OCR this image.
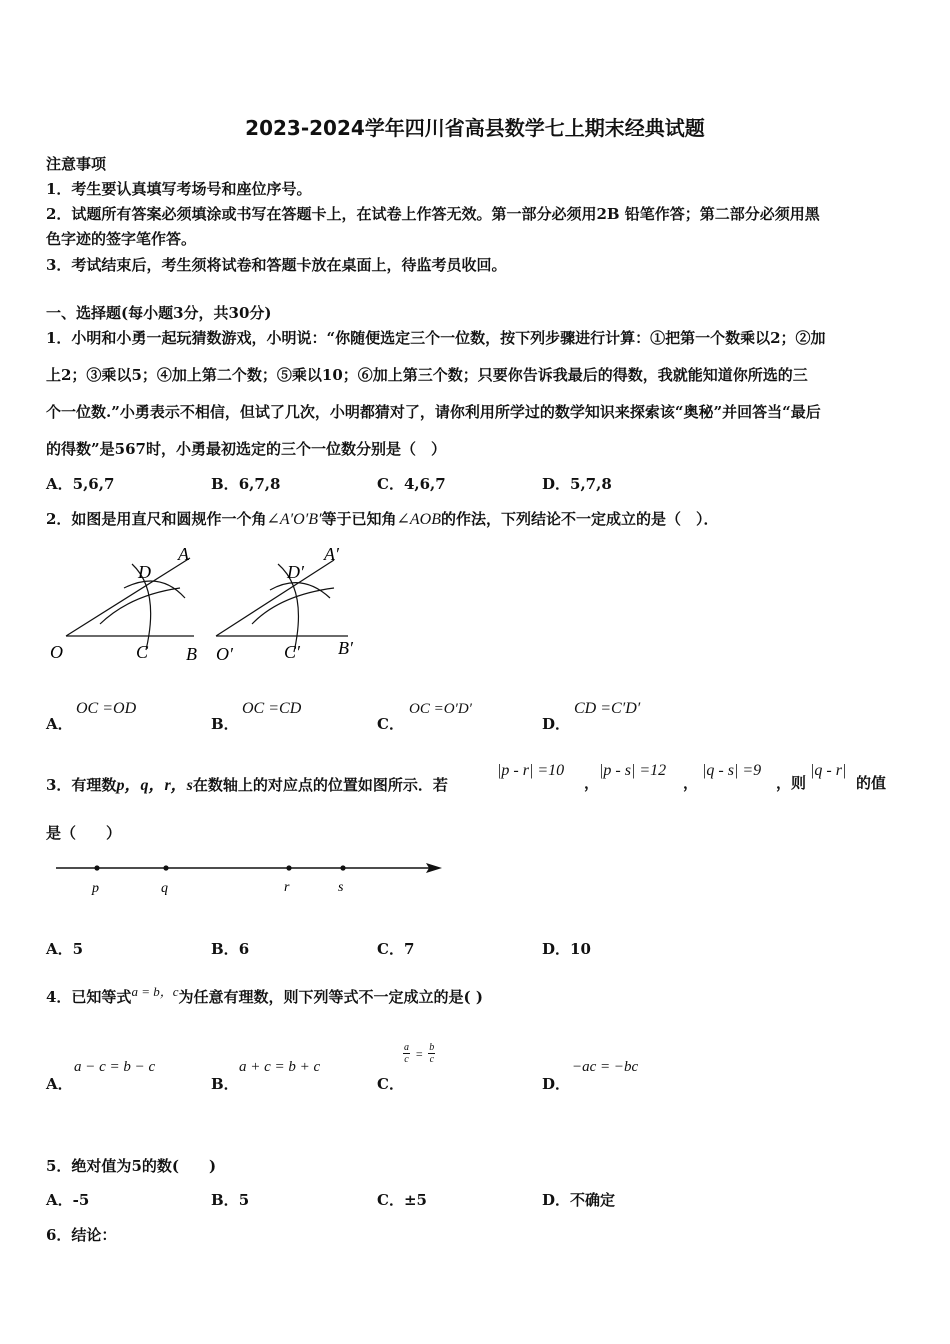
2023-2024学年四川省高县数学七上期末经典试题
注意事项
1．考生要认真填写考场号和座位序号。
2．试题所有答案必须填涂或书写在答题卡上，在试卷上作答无效。第一部分必须用2B 铅笔作答；第二部分必须用黑
色字迹的签字笔作答。
3．考试结束后，考生须将试卷和答题卡放在桌面上，待监考员收回。
一、选择题(每小题3分，共30分)
1．小明和小勇一起玩猜数游戏，小明说：“你随便选定三个一位数，按下列步骤进行计算：①把第一个数乘以2；②加
上2；③乘以5；④加上第二个数；⑤乘以10；⑥加上第三个数；只要你告诉我最后的得数，我就能知道你所选的三
个一位数.”小勇表示不相信，但试了几次，小明都猜对了，请你利用所学过的数学知识来探索该“奥秘”并回答当“最后
的得数”是567时，小勇最初选定的三个一位数分别是（　）
A．5,6,7	B．6,7,8	C．4,6,7	D．5,7,8
2．如图是用直尺和圆规作一个角∠A′O′B′等于已知角∠AOB的作法，下列结论不一定成立的是（　）．
O	C B
D
A
O′	C′ B′
D′
A′
A．
OC =OD
B．
OC =CD
C．
OC =O′D′
D．
CD =C′D′
3．有理数p，q，r，s在数轴上的对应点的位置如图所示．若
|p - r| =10
，
|p - s| =12
，
|q - s| =9
，则
|q - r|
的值
是（　　）
p	q	r	s
A．5	B．6	C．7	D．10
4．已知等式a = b，c为任意有理数，则下列等式不一定成立的是( )
A．
a − c = b − c
B．
a + c = b + c
C．
$\frac{a}{c} = \frac{b}{c}$
D．
−ac = −bc
5．绝对值为5的数(　　)
A．-5	B．5	C．±5	D．不确定
6．结论：
